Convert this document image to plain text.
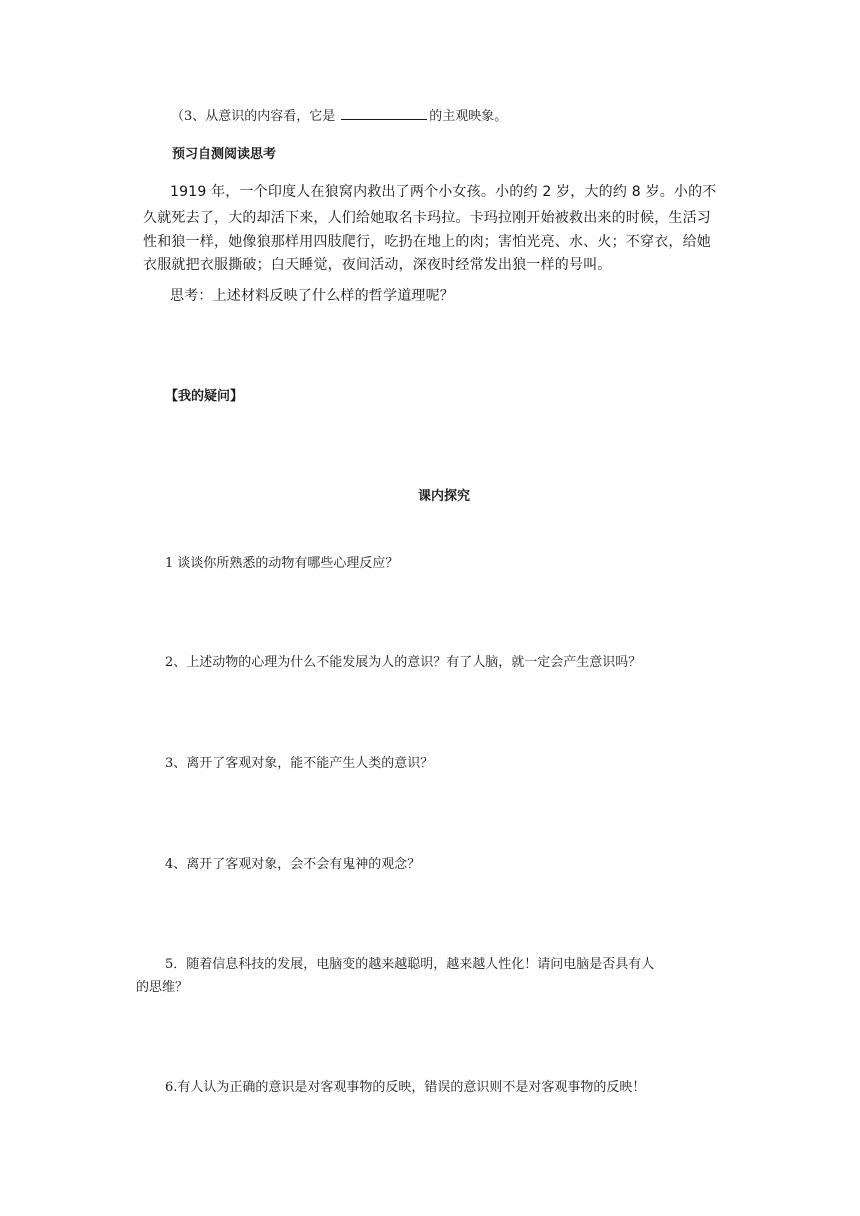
（3、从意识的内容看，它是	的主观映象。
预习自测阅读思考
1919 年，一个印度人在狼窝内救出了两个小女孩。小的约 2 岁，大的约 8 岁。小的不
久就死去了，大的却活下来，人们给她取名卡玛拉。卡玛拉刚开始被救出来的时候，生活习
性和狼一样，她像狼那样用四肢爬行，吃扔在地上的肉；害怕光亮、水、火；不穿衣，给她
衣服就把衣服撕破；白天睡觉，夜间活动，深夜时经常发出狼一样的号叫。
思考：上述材料反映了什么样的哲学道理呢？
【我的疑问】
课内探究
1 谈谈你所熟悉的动物有哪些心理反应？
2、上述动物的心理为什么不能发展为人的意识？有了人脑，就一定会产生意识吗？
3、离开了客观对象，能不能产生人类的意识？
4、离开了客观对象，会不会有鬼神的观念？
5．随着信息科技的发展，电脑变的越来越聪明，越来越人性化！请问电脑是否具有人
的思维？
6.有人认为正确的意识是对客观事物的反映，错误的意识则不是对客观事物的反映！
